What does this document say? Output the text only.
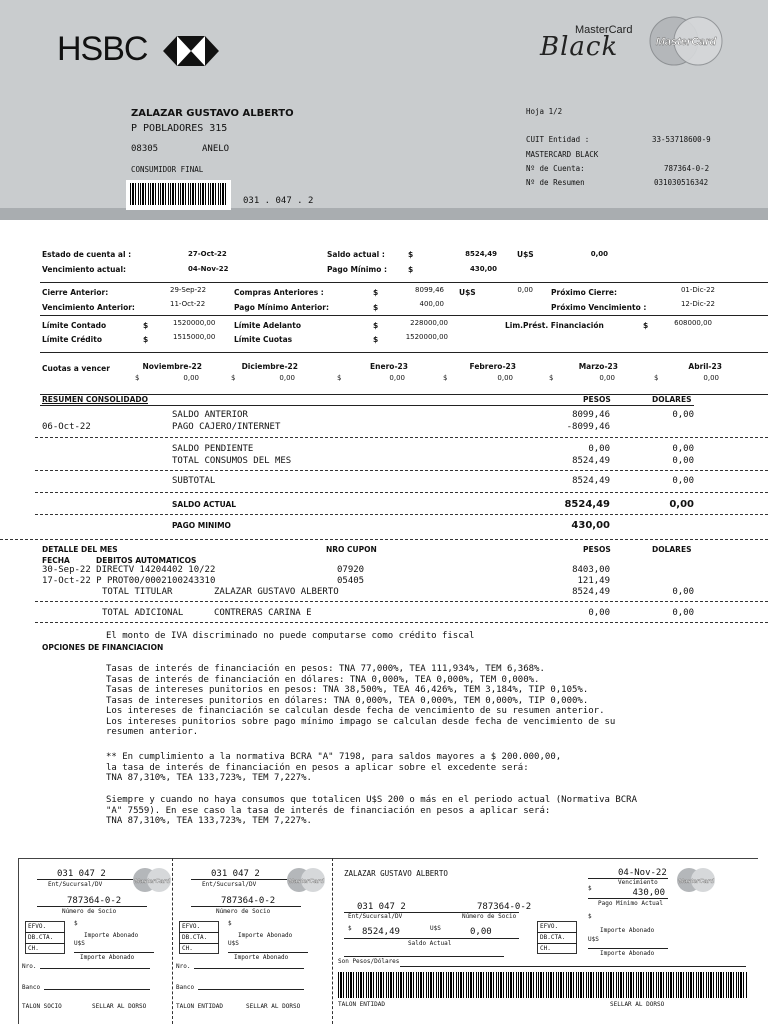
HSBC	MasterCard
Black	MasterCard
ZALAZAR GUSTAVO ALBERTO
P POBLADORES 315
08305	ANELO
CONSUMIDOR FINAL
031 . 047 . 2
Hoja 1/2
CUIT Entidad :	33-53718600-9
MASTERCARD BLACK
Nº de Cuenta:	787364-0-2
Nº de Resumen	031030516342
Estado de cuenta al :	27-Oct-22
Vencimiento actual:	04-Nov-22
Saldo actual :	$	8524,49	U$S	0,00
Pago Mínimo :	$	430,00
Cierre Anterior:	29-Sep-22
Vencimiento Anterior:	11-Oct-22
Compras Anteriores :	$	8099,46 U$S	0,00
Pago Mínimo Anterior:	$	400,00
Próximo Cierre:	01-Dic-22
Próximo Vencimiento :	12-Dic-22
Límite Contado	$	1520000,00
Límite Crédito	$	1515000,00
Límite Adelanto	$	228000,00
Límite Cuotas	$	1520000,00
Lim.Prést. Financiación	$	608000,00
Cuotas a vencer	Noviembre-22
$	0,00
Diciembre-22
$	0,00
Enero-23
$	0,00
Febrero-23
$	0,00
Marzo-23
$	0,00
Abril-23
$	0,00
RESUMEN CONSOLIDADO	PESOS	DOLARES
SALDO ANTERIOR	8099,46	0,00
06-Oct-22	PAGO CAJERO/INTERNET	-8099,46
SALDO PENDIENTE	0,00	0,00
TOTAL CONSUMOS DEL MES	8524,49	0,00
SUBTOTAL	8524,49	0,00
SALDO ACTUAL	8524,49	0,00
PAGO MINIMO	430,00
DETALLE DEL MES	NRO CUPON	PESOS	DOLARES
FECHA	DEBITOS AUTOMATICOS
30-Sep-22 DIRECTV 14204402 10/22	07920	8403,00
17-Oct-22 P PROT00/0002100243310	05405	121,49
TOTAL TITULAR	ZALAZAR GUSTAVO ALBERTO	8524,49	0,00
TOTAL ADICIONAL	CONTRERAS CARINA E	0,00	0,00
El monto de IVA discriminado no puede computarse como crédito fiscal
OPCIONES DE FINANCIACION
Tasas de interés de financiación en pesos: TNA 77,000%, TEA 111,934%, TEM 6,368%.
Tasas de interés de financiación en dólares: TNA 0,000%, TEA 0,000%, TEM 0,000%.
Tasas de intereses punitorios en pesos: TNA 38,500%, TEA 46,426%, TEM 3,184%, TIP 0,105%.
Tasas de intereses punitorios en dólares: TNA 0,000%, TEA 0,000%, TEM 0,000%, TIP 0,000%.
Los intereses de financiación se calculan desde fecha de vencimiento de su resumen anterior.
Los intereses punitorios sobre pago mínimo impago se calculan desde fecha de vencimiento de su
resumen anterior.
** En cumplimiento a la normativa BCRA "A" 7198, para saldos mayores a $ 200.000,00,
la tasa de interés de financiación en pesos a aplicar sobre el excedente será:
TNA 87,310%, TEA 133,723%, TEM 7,227%.
Siempre y cuando no haya consumos que totalicen U$S 200 o más en el periodo actual (Normativa BCRA
"A" 7559). En ese caso la tasa de interés de financiación en pesos a aplicar será:
TNA 87,310%, TEA 133,723%, TEM 7,227%.
031 047 2
Ent/Sucursal/DV
787364-0-2
Número de Socio
MasterCard
EFVO.
DB.CTA.
CH.
$
Importe Abonado
U$S
Importe Abonado
Nro.
Banco
TALON SOCIO	SELLAR AL DORSO
031 047 2
Ent/Sucursal/DV
787364-0-2
Número de Socio
MasterCard
EFVO.
DB.CTA.
CH.
$
Importe Abonado
U$S
Importe Abonado
Nro.
Banco
TALON ENTIDAD	SELLAR AL DORSO
ZALAZAR GUSTAVO ALBERTO	04-Nov-22
Vencimiento
$	430,00
Pago Mínimo Actual
MasterCard
031 047 2	787364-0-2
Ent/Sucursal/DV	Número de Socio
$ 8524,49	U$S	0,00
Saldo Actual
EFVO.
DB.CTA.
CH.
$
Importe Abonado
U$S
Importe Abonado
Son Pesos/Dólares
TALON ENTIDAD	SELLAR AL DORSO
